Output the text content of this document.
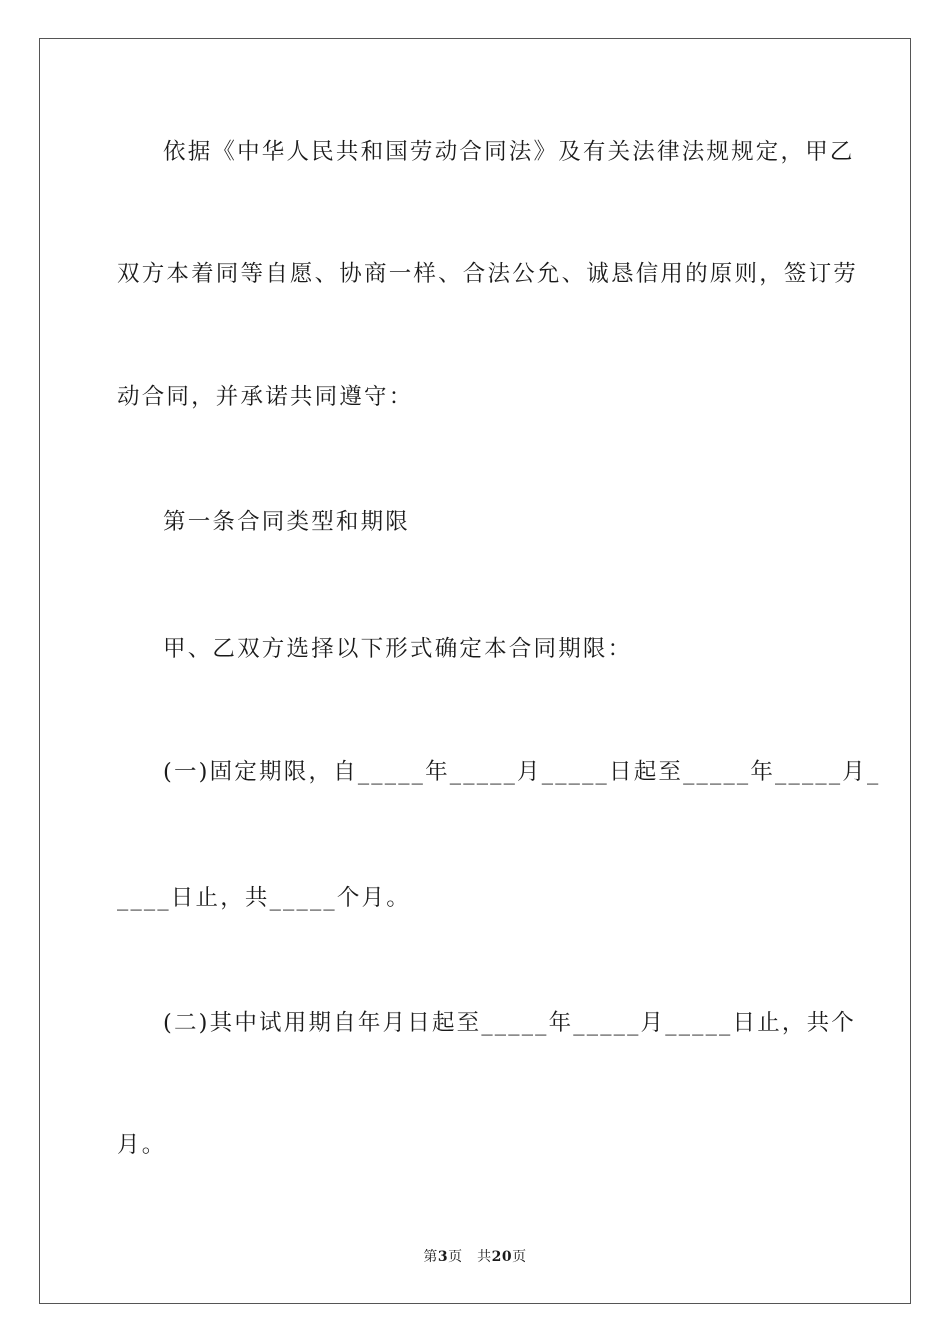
依据《中华人民共和国劳动合同法》及有关法律法规规定，甲乙
双方本着同等自愿、协商一样、合法公允、诚恳信用的原则，签订劳
动合同，并承诺共同遵守：
第一条合同类型和期限
甲、乙双方选择以下形式确定本合同期限：
(一)固定期限，自_____年_____月_____日起至_____年_____月_
____日止，共_____个月。
(二)其中试用期自年月日起至_____年_____月_____日止，共个
月。
第3页　共20页
